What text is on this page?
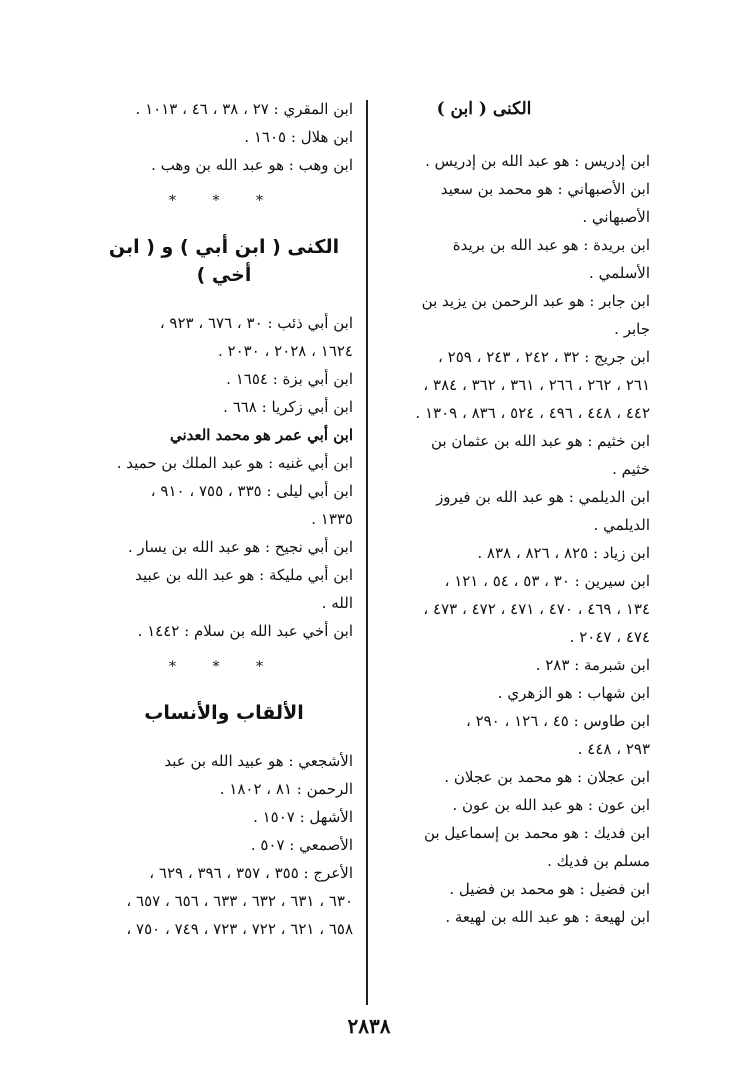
الكنى ( ابن )

ابن إدريس : هو عبد الله بن إدريس .

ابن الأصبهاني : هو محمد بن سعيد

الأصبهاني .

ابن بريدة : هو عبد الله بن بريدة

الأسلمي .

ابن جابر : هو عبد الرحمن بن يزيد بن

جابر .

ابن جريج : ٣٢ ، ٢٤٢ ، ٢٤٣ ، ٢٥٩ ،

٢٦١ ، ٢٦٢ ، ٢٦٦ ، ٣٦١ ، ٣٦٢ ، ٣٨٤ ،

٤٤٢ ، ٤٤٨ ، ٤٩٦ ، ٥٢٤ ، ٨٣٦ ، ١٣٠٩ .

ابن خثيم : هو عبد الله بن عثمان بن

خثيم .

ابن الديلمي : هو عبد الله بن فيروز

الديلمي .

ابن زياد : ٨٢٥ ، ٨٢٦ ، ٨٣٨ .

ابن سيرين : ٣٠ ، ٥٣ ، ٥٤ ، ١٢١ ،

١٣٤ ، ٤٦٩ ، ٤٧٠ ، ٤٧١ ، ٤٧٢ ، ٤٧٣ ،

٤٧٤ ، ٢٠٤٧ .

ابن شبرمة : ٢٨٣ .

ابن شهاب : هو الزهري .

ابن طاوس : ٤٥ ، ١٢٦ ، ٢٩٠ ،

٢٩٣ ، ٤٤٨ .

ابن عجلان : هو محمد بن عجلان .

ابن عون : هو عبد الله بن عون .

ابن فديك : هو محمد بن إسماعيل بن

مسلم بن فديك .

ابن فضيل : هو محمد بن فضيل .

ابن لهيعة : هو عبد الله بن لهيعة .

ابن المقري : ٢٧ ، ٣٨ ، ٤٦ ، ١٠١٣ .

ابن هلال : ١٦٠٥ .

ابن وهب : هو عبد الله بن وهب .

* * *
الكنى ( ابن أبي ) و ( ابن أخي )

ابن أبي ذئب : ٣٠ ، ٦٧٦ ، ٩٢٣ ،

١٦٢٤ ، ٢٠٢٨ ، ٢٠٣٠ .

ابن أبي بزة : ١٦٥٤ .

ابن أبي زكريا : ٦٦٨ .

ابن أبي عمر هو محمد العدني

ابن أبي غنيه : هو عبد الملك بن حميد .

ابن أبي ليلى : ٣٣٥ ، ٧٥٥ ، ٩١٠ ،

١٣٣٥ .

ابن أبي نجيح : هو عبد الله بن يسار .

ابن أبي مليكة : هو عبد الله بن عبيد

الله .

ابن أخي عبد الله بن سلام : ١٤٤٢ .

* * *
الألقاب والأنساب

الأشجعي : هو عبيد الله بن عبد

الرحمن : ٨١ ، ١٨٠٢ .

الأشهل : ١٥٠٧ .

الأصمعي : ٥٠٧ .

الأعرج : ٣٥٥ ، ٣٥٧ ، ٣٩٦ ، ٦٢٩ ،

٦٣٠ ، ٦٣١ ، ٦٣٢ ، ٦٣٣ ، ٦٥٦ ، ٦٥٧ ،

٦٥٨ ، ٦٢١ ، ٧٢٢ ، ٧٢٣ ، ٧٤٩ ، ٧٥٠ ،

٢٨٣٨
